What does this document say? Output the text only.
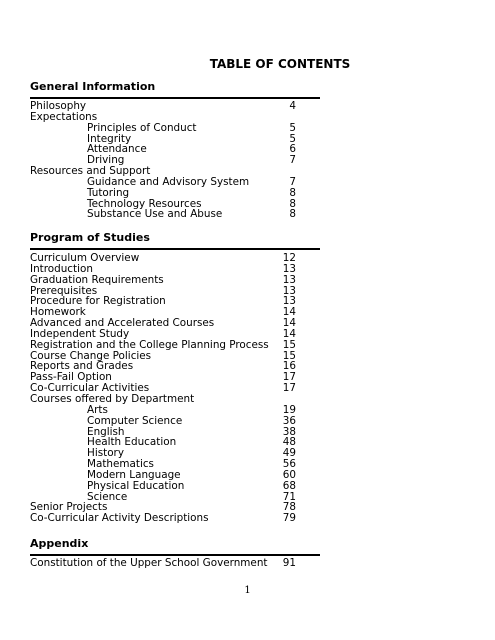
TABLE OF CONTENTS
General Information
Philosophy	4
Expectations
Principles of Conduct	5
Integrity	5
Attendance	6
Driving	7
Resources and Support
Guidance and Advisory System	7
Tutoring	8
Technology Resources	8
Substance Use and Abuse	8
Program of Studies
Curriculum Overview	12
Introduction	13
Graduation Requirements	13
Prerequisites	13
Procedure for Registration	13
Homework	14
Advanced and Accelerated Courses	14
Independent Study	14
Registration and the College Planning Process 15
Course Change Policies	15
Reports and Grades	16
Pass-Fail Option	17
Co-Curricular Activities	17
Courses offered by Department
Arts	19
Computer Science	36
English	38
Health Education	48
History	49
Mathematics	56
Modern Language	60
Physical Education	68
Science	71
Senior Projects	78
Co-Curricular Activity Descriptions	79
Appendix
Constitution of the Upper School Government 91
1
